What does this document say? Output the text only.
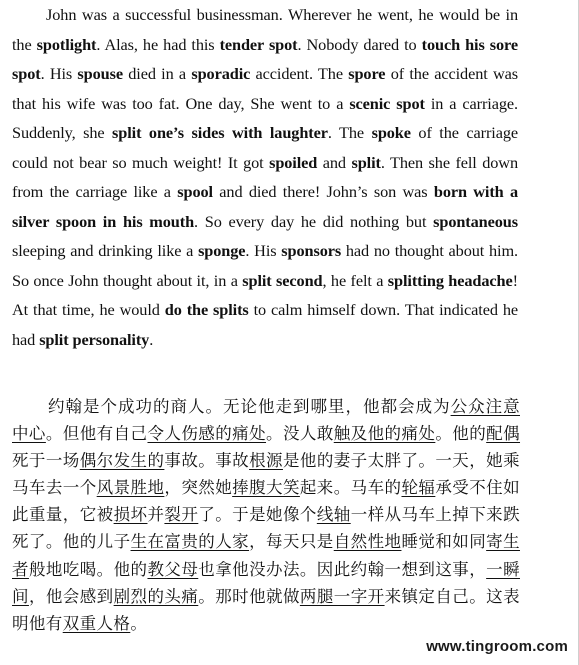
John was a successful businessman. Wherever he went, he would be in the spotlight. Alas, he had this tender spot. Nobody dared to touch his sore spot. His spouse died in a sporadic accident. The spore of the accident was that his wife was too fat. One day, She went to a scenic spot in a carriage. Suddenly, she split one’s sides with laughter. The spoke of the carriage could not bear so much weight! It got spoiled and split. Then she fell down from the carriage like a spool and died there! John’s son was born with a silver spoon in his mouth. So every day he did nothing but spontaneous sleeping and drinking like a sponge. His sponsors had no thought about him. So once John thought about it, in a split second, he felt a splitting headache! At that time, he would do the splits to calm himself down. That indicated he had split personality.

约翰是个成功的商人。无论他走到哪里，他都会成为公众注意中心。但他有自己令人伤感的痛处。没人敢触及他的痛处。他的配偶死于一场偶尔发生的事故。事故根源是他的妻子太胖了。一天，她乘马车去一个风景胜地，突然她捧腹大笑起来。马车的轮辐承受不住如此重量，它被损坏并裂开了。于是她像个线轴一样从马车上掉下来跌死了。他的儿子生在富贵的人家，每天只是自然性地睡觉和如同寄生者般地吃喝。他的教父母也拿他没办法。因此约翰一想到这事，一瞬间，他会感到剧烈的头痛。那时他就做两腿一字开来镇定自己。这表明他有双重人格。

www.tingroom.com
